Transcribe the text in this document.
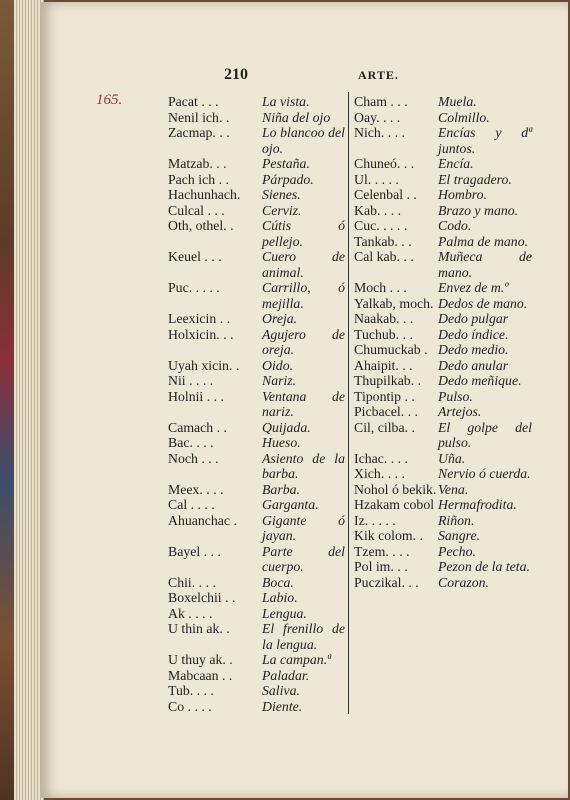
210	ARTE.
165.	Pacat . . .	La vista.
Nenil ich. .	Niña del ojo
Zacmap. . .	Lo blancoo del ojo.
Matzab. . .	Pestaña.
Pach ich . .	Párpado.
Hachunhach.	Sienes.
Culcal . . .	Cerviz.
Oth, othel. .	Cútis ó pellejo.
Keuel . . .	Cuero de animal.
Puc. . . . .	Carrillo, ó mejilla.
Leexicin . .	Oreja.
Holxicin. . .	Agujero de oreja.
Uyah xicin. .	Oido.
Nii . . . .	Nariz.
Holnii . . .	Ventana de nariz.
Camach . .	Quijada.
Bac. . . .	Hueso.
Noch . . .	Asiento de la barba.
Meex. . . .	Barba.
Cal . . . .	Garganta.
Ahuanchac .	Gigante ó jayan.
Bayel . . .	Parte del cuerpo.
Chii. . . .	Boca.
Boxelchii . .	Labio.
Ak . . . .	Lengua.
U thin ak. .	El frenillo de la lengua.
U thuy ak. .	La campan.ª
Mabcaan . .	Paladar.
Tub. . . .	Saliva.
Co . . . .	Diente.
Cham . . .	Muela.
Oay. . . .	Colmillo.
Nich. . . .	Encías y dª juntos.
Chuneó. . .	Encía.
Ul. . . . .	El tragadero.
Celenbal . .	Hombro.
Kab. . . .	Brazo y mano.
Cuc. . . . .	Codo.
Tankab. . .	Palma de mano.
Cal kab. . .	Muñeca de mano.
Moch . . .	Envez de m.º
Yalkab, moch. Dedos de mano.
Naakab. . .	Dedo pulgar
Tuchub. . .	Dedo índice.
Chumuckab . Dedo medio.
Ahaipit. . .	Dedo anular
Thupilkab. .	Dedo meñique.
Tipontip . .	Pulso.
Picbacel. . .	Artejos.
Cil, cilba. .	El golpe del pulso.
Ichac. . . .	Uña.
Xich. . . .	Nervio ó cuerda.
Nohol ó bekik. Vena.
Hzakam cobol Hermafrodita.
Iz. . . . .	Riñon.
Kik colom. .	Sangre.
Tzem. . . .	Pecho.
Pol im. . .	Pezon de la teta.
Puczikal. . .	Corazon.
